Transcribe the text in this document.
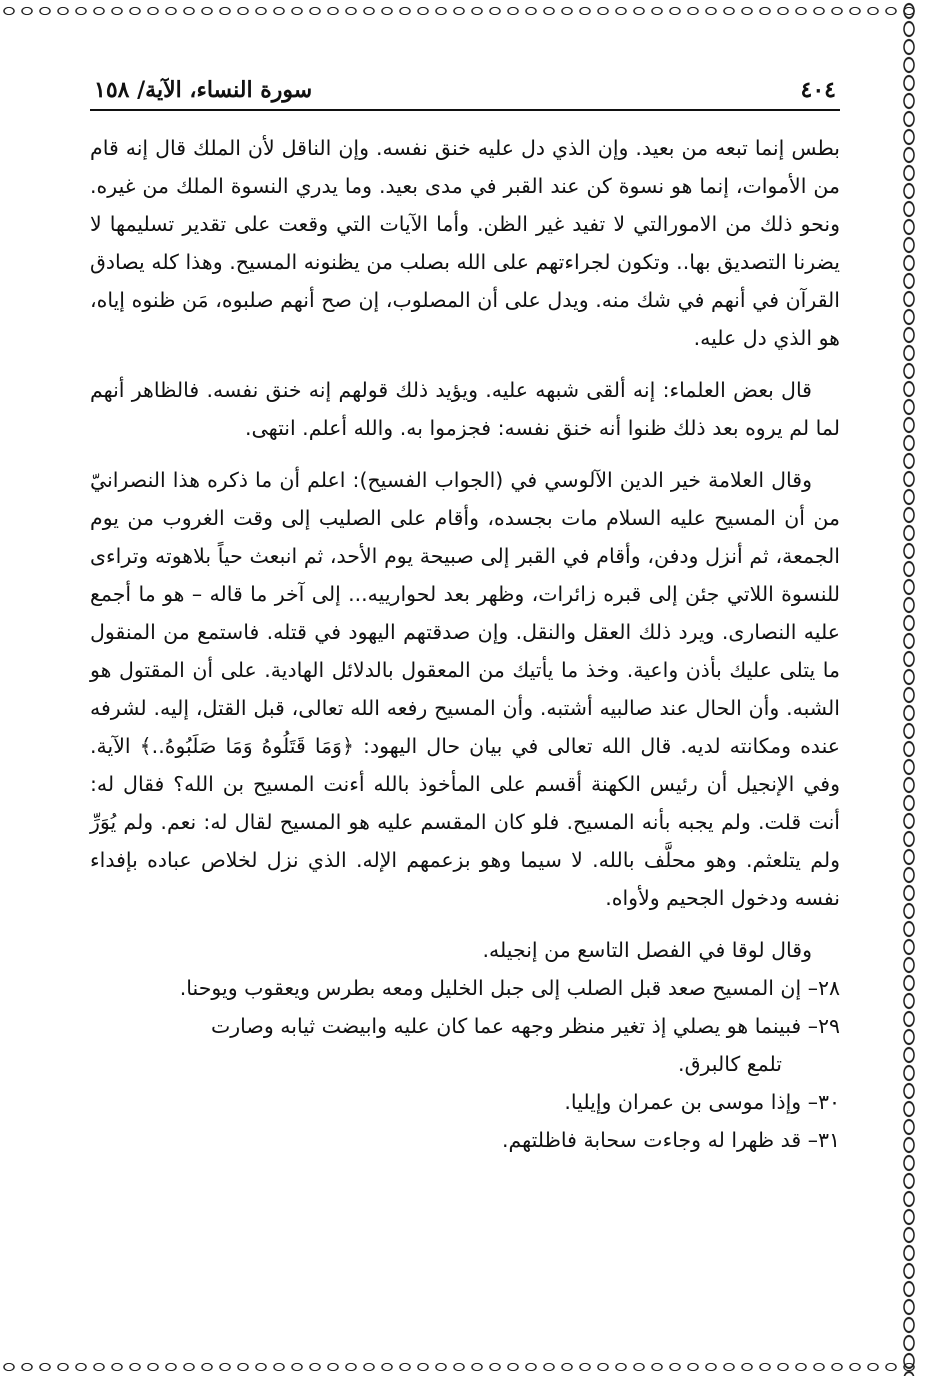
٤٠٤
سورة النساء، الآية/ ١٥٨

بطس إنما تبعه من بعيد. وإن الذي دل عليه خنق نفسه. وإن الناقل لأن الملك قال إنه قام من الأموات، إنما هو نسوة كن عند القبر في مدى بعيد. وما يدري النسوة الملك من غيره. ونحو ذلك من الامورالتي لا تفيد غير الظن. وأما الآيات التي وقعت على تقدير تسليمها لا يضرنا التصديق بها.. وتكون لجراءتهم على الله بصلب من يظنونه المسيح. وهذا كله يصادق القرآن في أنهم في شك منه. ويدل على أن المصلوب، إن صح أنهم صلبوه، مَن ظنوه إياه، هو الذي دل عليه.

قال بعض العلماء: إنه ألقى شبهه عليه. ويؤيد ذلك قولهم إنه خنق نفسه. فالظاهر أنهم لما لم يروه بعد ذلك ظنوا أنه خنق نفسه: فجزموا به. والله أعلم. انتهى.

وقال العلامة خير الدين الآلوسي في (الجواب الفسيح): اعلم أن ما ذكره هذا النصرانيّ من أن المسيح عليه السلام مات بجسده، وأقام على الصليب إلى وقت الغروب من يوم الجمعة، ثم أنزل ودفن، وأقام في القبر إلى صبيحة يوم الأحد، ثم انبعث حياً بلاهوته وتراءى للنسوة اللاتي جئن إلى قبره زائرات، وظهر بعد لحوارييه... إلى آخر ما قاله – هو ما أجمع عليه النصارى. ويرد ذلك العقل والنقل. وإن صدقتهم اليهود في قتله. فاستمع من المنقول ما يتلى عليك بأذن واعية. وخذ ما يأتيك من المعقول بالدلائل الهادية. على أن المقتول هو الشبه. وأن الحال عند صالبيه أشتبه. وأن المسيح رفعه الله تعالى، قبل القتل، إليه. لشرفه عنده ومكانته لديه. قال الله تعالى في بيان حال اليهود: ﴿وَمَا قَتَلُوهُ وَمَا صَلَبُوهُ..﴾ الآية. وفي الإنجيل أن رئيس الكهنة أقسم على المأخوذ بالله أءنت المسيح بن الله؟ فقال له: أنت قلت. ولم يجبه بأنه المسيح. فلو كان المقسم عليه هو المسيح لقال له: نعم. ولم يُوَرِّ ولم يتلعثم. وهو محلَّف بالله. لا سيما وهو بزعمهم الإله. الذي نزل لخلاص عباده بإفداء نفسه ودخول الجحيم ولأواه.

وقال لوقا في الفصل التاسع من إنجيله.

٢٨– إن المسيح صعد قبل الصلب إلى جبل الخليل ومعه بطرس ويعقوب ويوحنا.

٢٩– فبينما هو يصلي إذ تغير منظر وجهه عما كان عليه وابيضت ثيابه وصارت
تلمع كالبرق.

٣٠– وإذا موسى بن عمران وإيليا.

٣١– قد ظهرا له وجاءت سحابة فاظلتهم.
